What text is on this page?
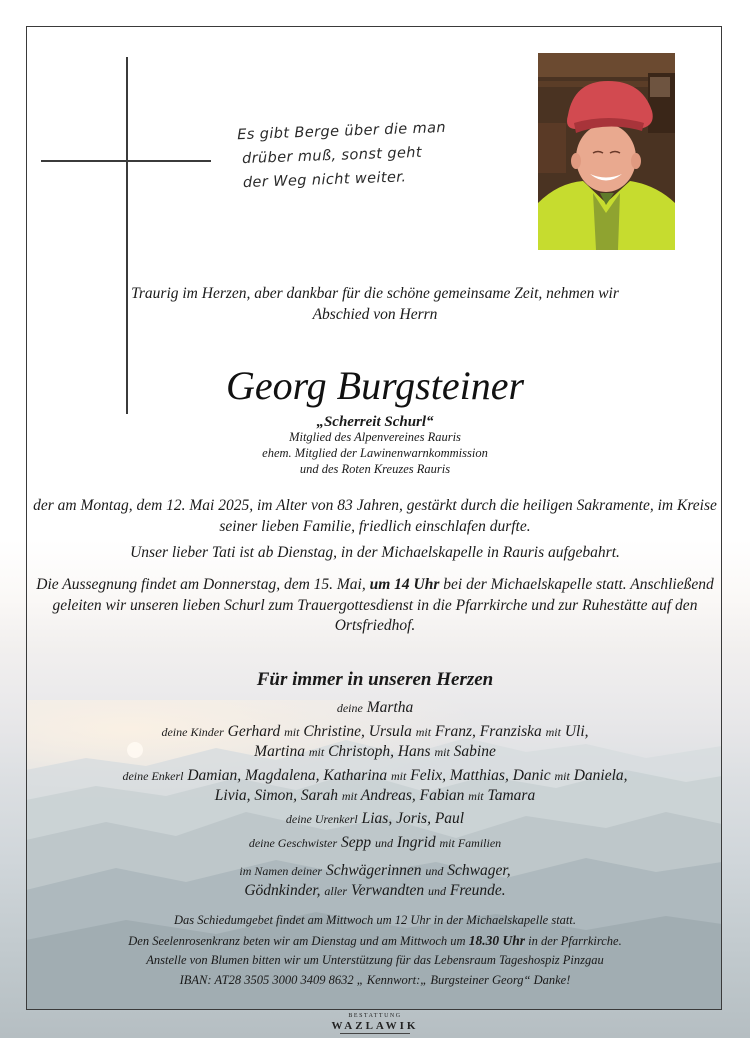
Es gibt Berge über die man
drüber muß, sonst geht
der Weg nicht weiter.
Traurig im Herzen, aber dankbar für die schöne gemeinsame Zeit, nehmen wir Abschied von Herrn
Georg Burgsteiner
„Scherreit Schurl“
Mitglied des Alpenvereines Rauris
ehem. Mitglied der Lawinenwarnkommission
und des Roten Kreuzes Rauris
der am Montag, dem 12. Mai 2025, im Alter von 83 Jahren, gestärkt durch die heiligen Sakramente, im Kreise seiner lieben Familie, friedlich einschlafen durfte.
Unser lieber Tati ist ab Dienstag, in der Michaelskapelle in Rauris aufgebahrt.
Die Aussegnung findet am Donnerstag, dem 15. Mai, um 14 Uhr bei der Michaelskapelle statt. Anschließend geleiten wir unseren lieben Schurl zum Trauergottesdienst in die Pfarrkirche und zur Ruhestätte auf den Ortsfriedhof.
Für immer in unseren Herzen
deine Martha
deine Kinder Gerhard mit Christine, Ursula mit Franz, Franziska mit Uli,
Martina mit Christoph, Hans mit Sabine
deine Enkerl Damian, Magdalena, Katharina mit Felix, Matthias, Danic mit Daniela,
Livia, Simon, Sarah mit Andreas, Fabian mit Tamara
deine Urenkerl Lias, Joris, Paul
deine Geschwister Sepp und Ingrid mit Familien
im Namen deiner Schwägerinnen und Schwager,
Gödnkinder, aller Verwandten und Freunde.
Das Schiedumgebet findet am Mittwoch um 12 Uhr in der Michaelskapelle statt.
Den Seelenrosenkranz beten wir am Dienstag und am Mittwoch um 18.30 Uhr in der Pfarrkirche.
Anstelle von Blumen bitten wir um Unterstützung für das Lebensraum Tageshospiz Pinzgau
IBAN: AT28 3505 3000 3409 8632 „ Kennwort:„ Burgsteiner Georg“ Danke!
BESTATTUNG
WAZLAWIK
